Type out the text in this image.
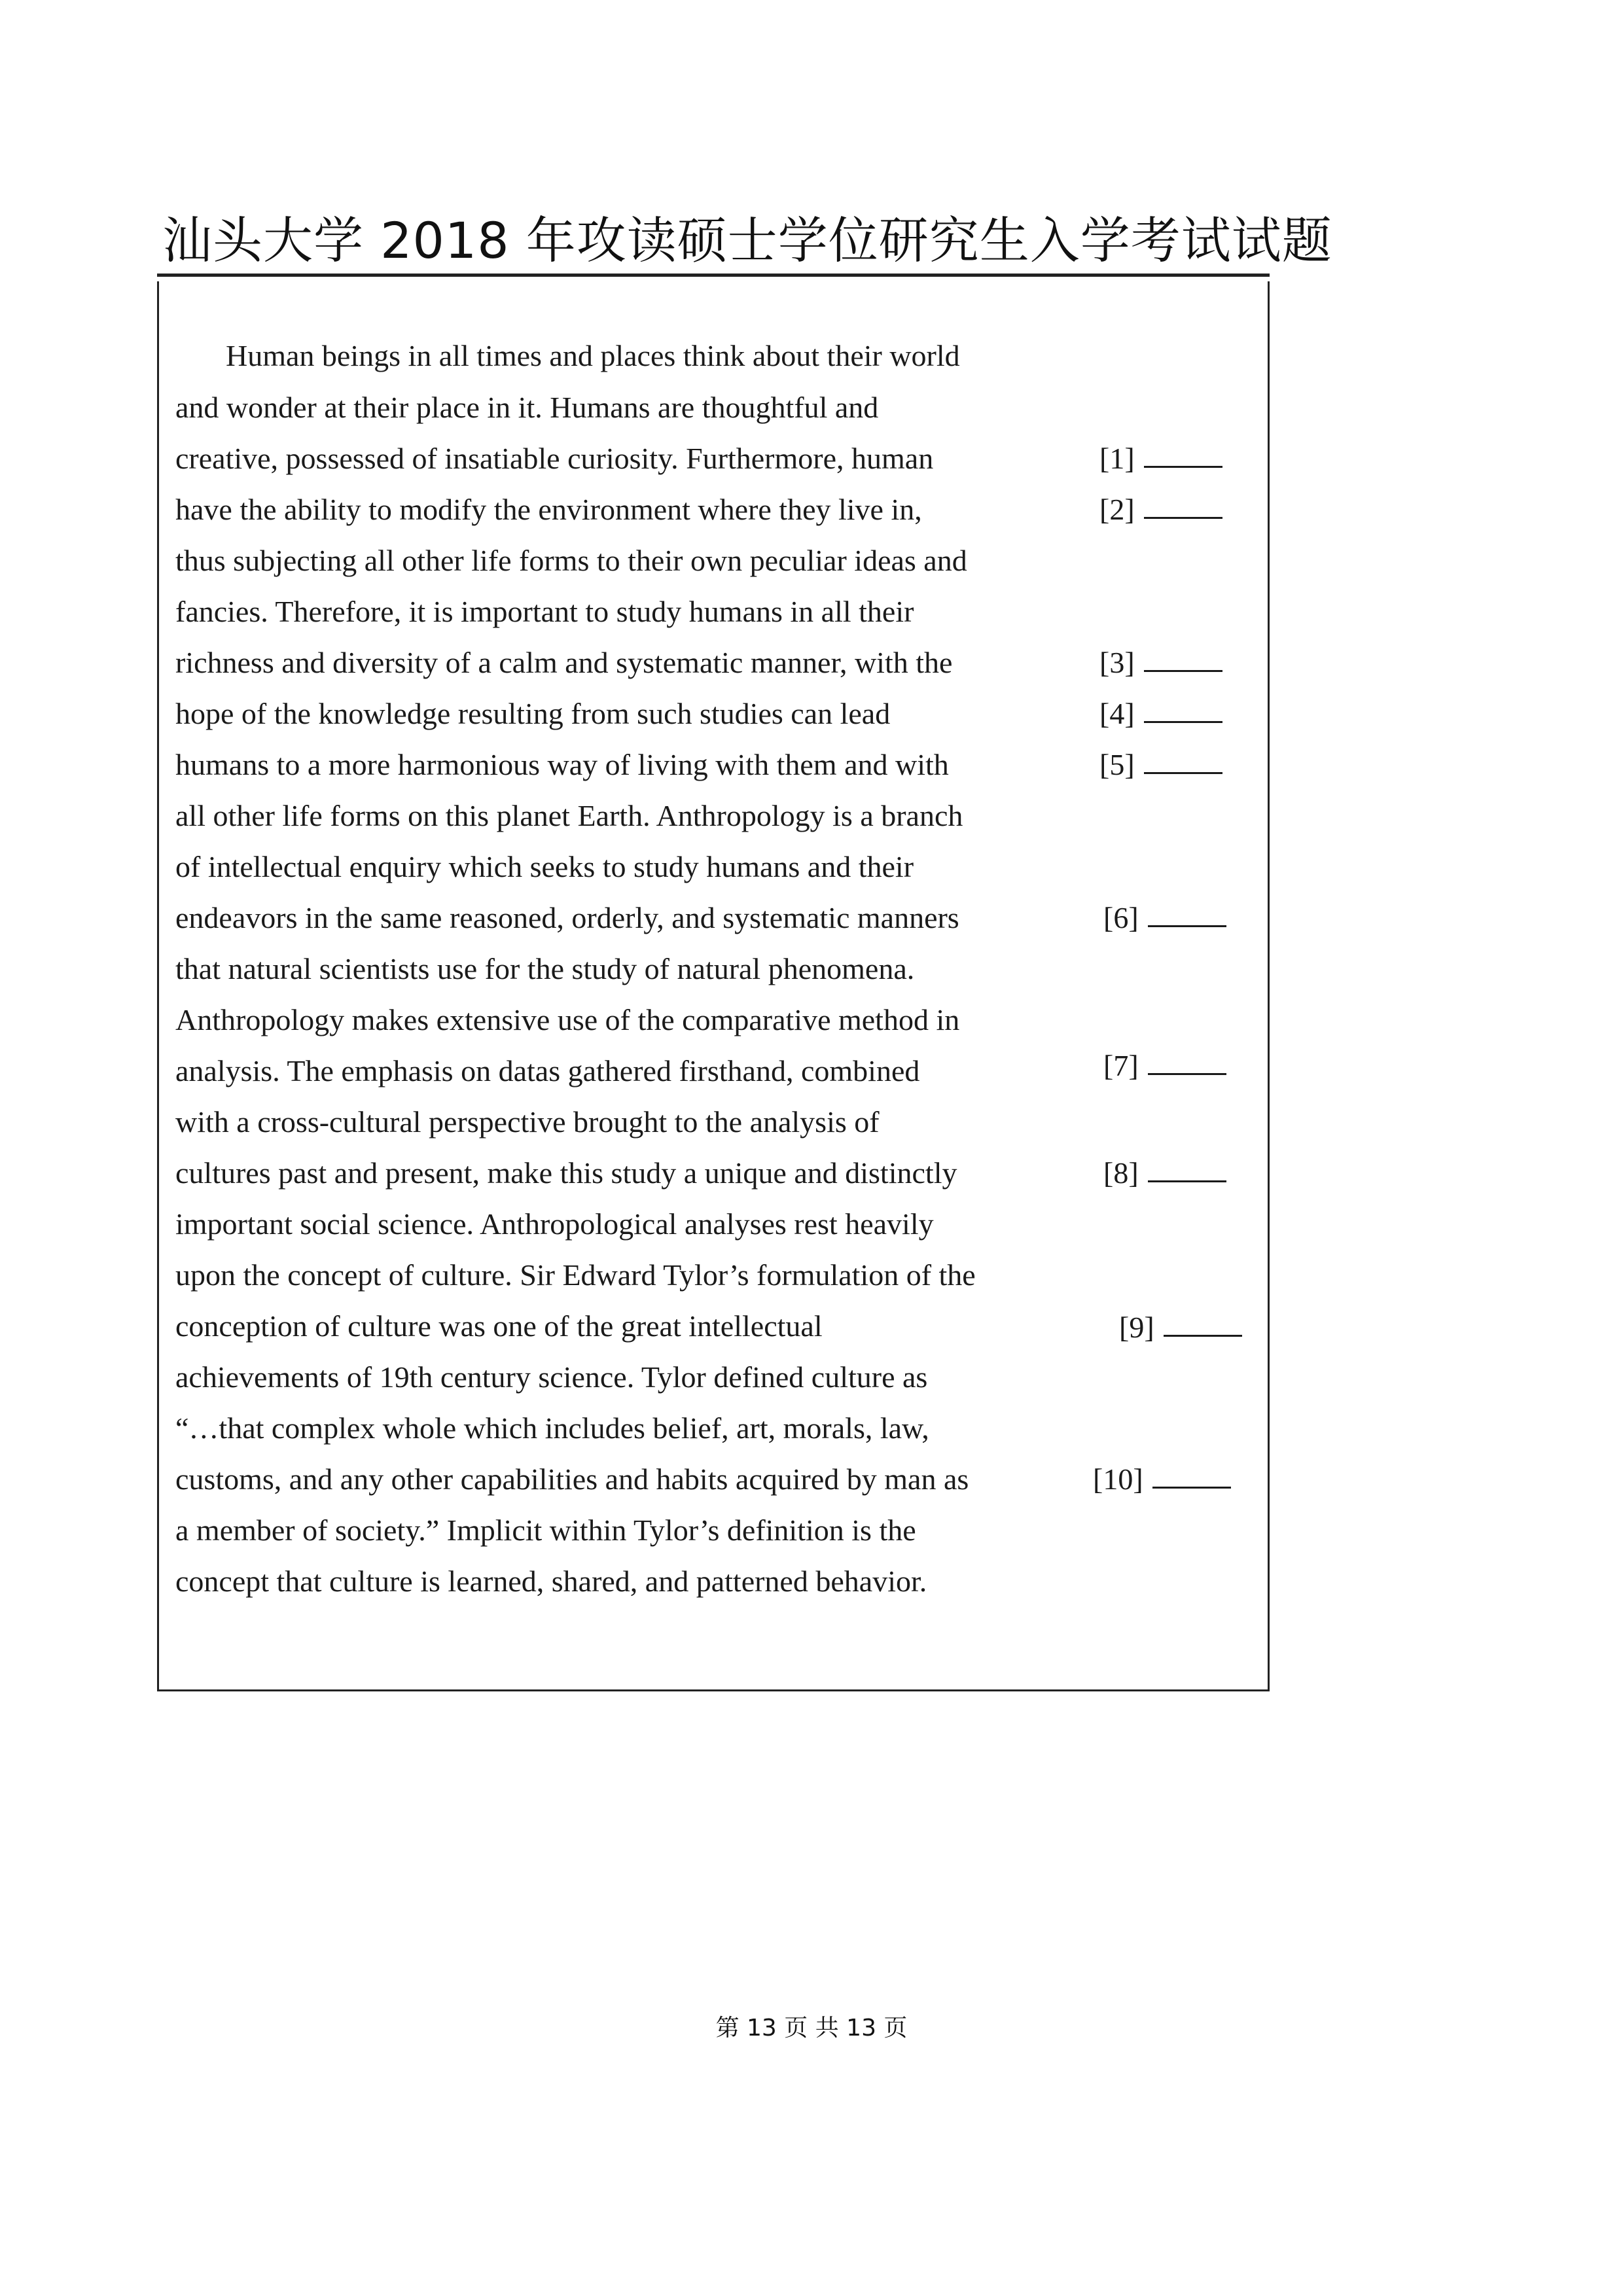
汕头大学 2018 年攻读硕士学位研究生入学考试试题
Human beings in all times and places think about their world
and wonder at their place in it. Humans are thoughtful and
creative, possessed of insatiable curiosity. Furthermore, human
have the ability to modify the environment where they live in,
thus subjecting all other life forms to their own peculiar ideas and
fancies. Therefore, it is important to study humans in all their
richness and diversity of a calm and systematic manner, with the
hope of the knowledge resulting from such studies can lead
humans to a more harmonious way of living with them and with
all other life forms on this planet Earth. Anthropology is a branch
of intellectual enquiry which seeks to study humans and their
endeavors in the same reasoned, orderly, and systematic manners
that natural scientists use for the study of natural phenomena.
Anthropology makes extensive use of the comparative method in
analysis. The emphasis on datas gathered firsthand, combined
with a cross-cultural perspective brought to the analysis of
cultures past and present, make this study a unique and distinctly
important social science. Anthropological analyses rest heavily
upon the concept of culture. Sir Edward Tylor’s formulation of the
conception of culture was one of the great intellectual
achievements of 19th century science. Tylor defined culture as
“…that complex whole which includes belief, art, morals, law,
customs, and any other capabilities and habits acquired by man as
a member of society.” Implicit within Tylor’s definition is the
concept that culture is learned, shared, and patterned behavior.
[1]
[2]
[3]
[4]
[5]
[6]
[7]
[8]
[9]
[10]
第 13 页 共 13 页
